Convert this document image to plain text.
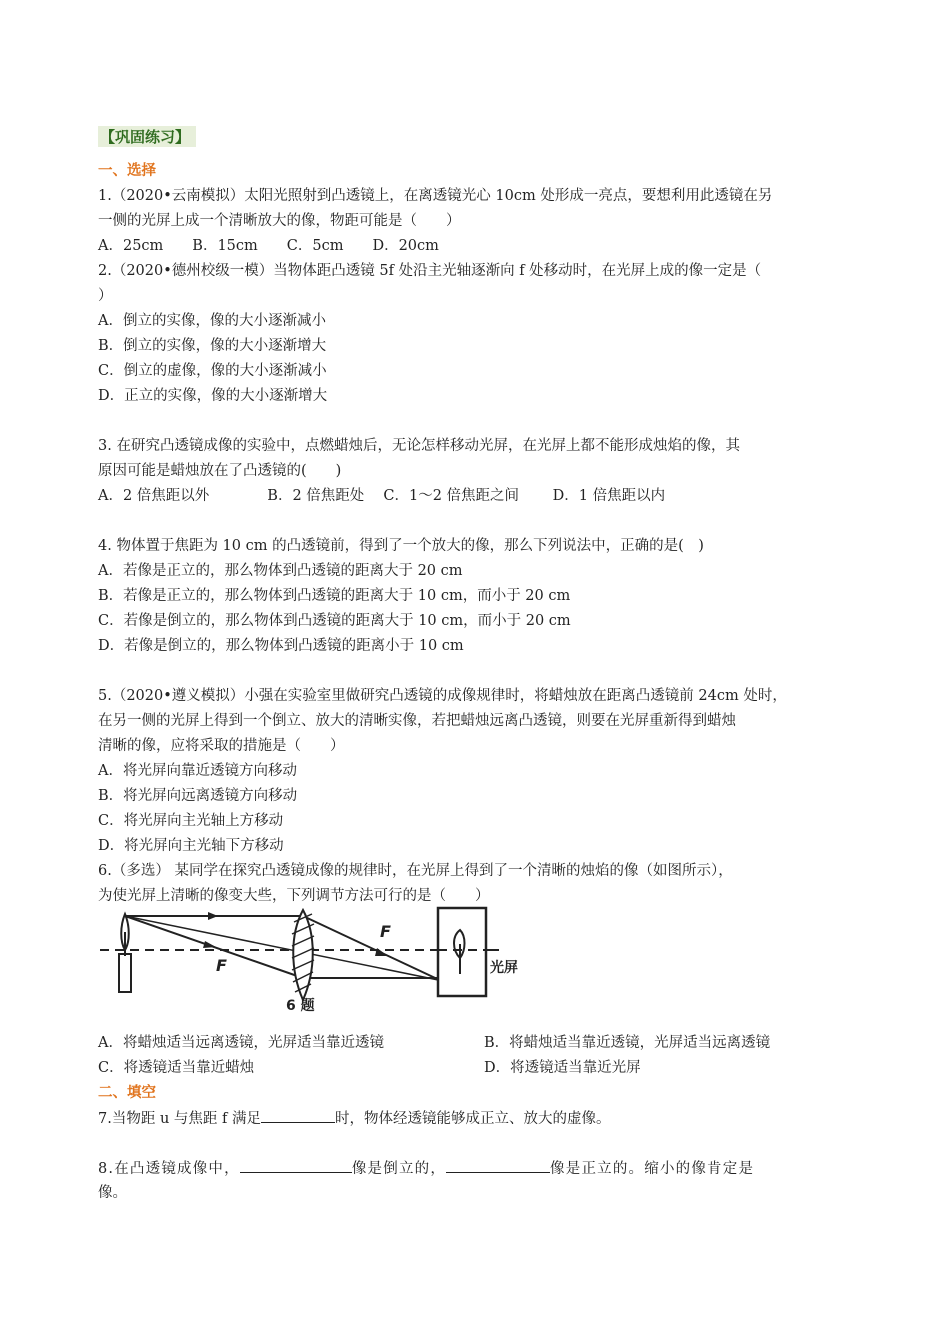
【巩固练习】
一、选择
1.（2020•云南模拟）太阳光照射到凸透镜上，在离透镜光心 10cm 处形成一亮点，要想利用此透镜在另
一侧的光屏上成一个清晰放大的像，物距可能是（　　）
A．25cm　　B．15cm　　C．5cm　　D．20cm
2.（2020•德州校级一模）当物体距凸透镜 5f 处沿主光轴逐渐向 f 处移动时，在光屏上成的像一定是（
）
A．倒立的实像，像的大小逐渐减小
B．倒立的实像，像的大小逐渐增大
C．倒立的虚像，像的大小逐渐减小
D．正立的实像，像的大小逐渐增大
3. 在研究凸透镜成像的实验中，点燃蜡烛后，无论怎样移动光屏，在光屏上都不能形成烛焰的像，其
原因可能是蜡烛放在了凸透镜的(　　)
A．2 倍焦距以外　　　　B．2 倍焦距处　 C．1～2 倍焦距之间　　 D．1 倍焦距以内
4. 物体置于焦距为 10 cm 的凸透镜前，得到了一个放大的像，那么下列说法中，正确的是(　)
A．若像是正立的，那么物体到凸透镜的距离大于 20 cm
B．若像是正立的，那么物体到凸透镜的距离大于 10 cm，而小于 20 cm
C．若像是倒立的，那么物体到凸透镜的距离大于 10 cm，而小于 20 cm
D．若像是倒立的，那么物体到凸透镜的距离小于 10 cm
5.（2020•遵义模拟）小强在实验室里做研究凸透镜的成像规律时，将蜡烛放在距离凸透镜前 24cm 处时，
在另一侧的光屏上得到一个倒立、放大的清晰实像，若把蜡烛远离凸透镜，则要在光屏重新得到蜡烛
清晰的像，应将采取的措施是（　　）
A．将光屏向靠近透镜方向移动
B．将光屏向远离透镜方向移动
C．将光屏向主光轴上方移动
D．将光屏向主光轴下方移动
6.（多选） 某同学在探究凸透镜成像的规律时，在光屏上得到了一个清晰的烛焰的像（如图所示），
为使光屏上清晰的像变大些，下列调节方法可行的是（　　）
F
F
光屏
6 题
A．将蜡烛适当远离透镜，光屏适当靠近透镜	B．将蜡烛适当靠近透镜，光屏适当远离透镜
C．将透镜适当靠近蜡烛	D．将透镜适当靠近光屏
二、填空
7.当物距 u 与焦距 f 满足	时，物体经透镜能够成正立、放大的虚像。
8.在凸透镜成像中，	像是倒立的，	像是正立的。缩小的像肯定是
像。
